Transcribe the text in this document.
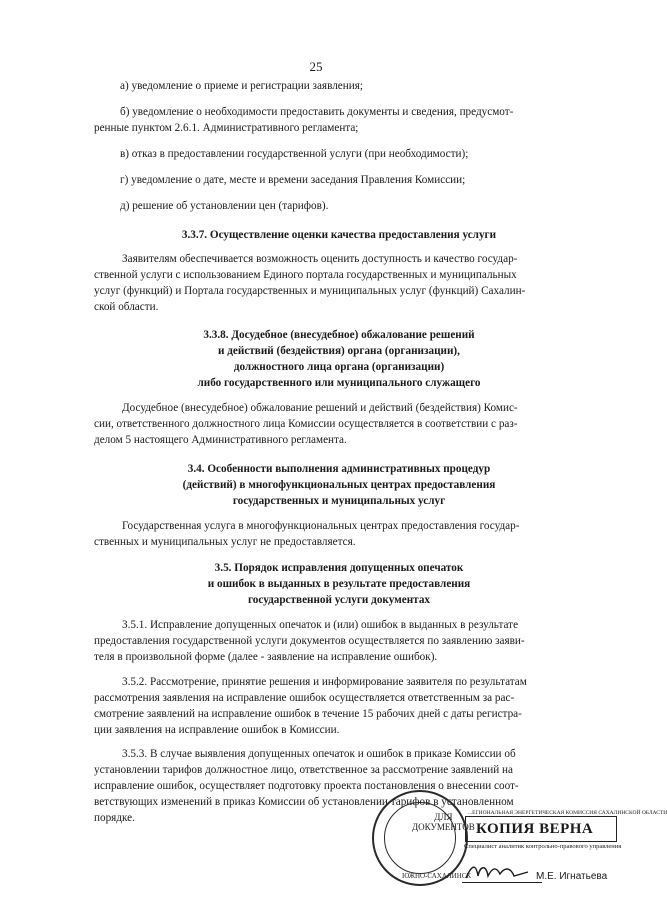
25
а) уведомление о приеме и регистрации заявления;
б) уведомление о необходимости предоставить документы и сведения, предусмот-
ренные пунктом 2.6.1. Административного регламента;
в) отказ в предоставлении государственной услуги (при необходимости);
г) уведомление о дате, месте и времени заседания Правления Комиссии;
д) решение об установлении цен (тарифов).
3.3.7. Осуществление оценки качества предоставления услуги
Заявителям обеспечивается возможность оценить доступность и качество государ-
ственной услуги с использованием Единого портала государственных и муниципальных
услуг (функций) и Портала государственных и муниципальных услуг (функций) Сахалин-
ской области.
3.3.8. Досудебное (внесудебное) обжалование решений
и действий (бездействия) органа (организации),
должностного лица органа (организации)
либо государственного или муниципального служащего
Досудебное (внесудебное) обжалование решений и действий (бездействия) Комис-
сии, ответственного должностного лица Комиссии осуществляется в соответствии с раз-
делом 5 настоящего Административного регламента.
3.4. Особенности выполнения административных процедур
(действий) в многофункциональных центрах предоставления
государственных и муниципальных услуг
Государственная услуга в многофункциональных центрах предоставления государ-
ственных и муниципальных услуг не предоставляется.
3.5. Порядок исправления допущенных опечаток
и ошибок в выданных в результате предоставления
государственной услуги документах
3.5.1. Исправление допущенных опечаток и (или) ошибок в выданных в результате
предоставления государственной услуги документов осуществляется по заявлению заяви-
теля в произвольной форме (далее - заявление на исправление ошибок).
3.5.2. Рассмотрение, принятие решения и информирование заявителя по результатам
рассмотрения заявления на исправление ошибок осуществляется ответственным за рас-
смотрение заявлений на исправление ошибок в течение 15 рабочих дней с даты регистра-
ции заявления на исправление ошибок в Комиссии.
3.5.3. В случае выявления допущенных опечаток и ошибок в приказе Комиссии об
установлении тарифов должностное лицо, ответственное за рассмотрение заявлений на
исправление ошибок, осуществляет подготовку проекта постановления о внесении соот-
ветствующих изменений в приказ Комиссии об установлении тарифов в установленном
порядке.
ЮЖНО-САХАЛИНСК
ДЛЯ
ДОКУМЕНТОВ
...ЕГИОНАЛЬНАЯ ЭНЕРГЕТИЧЕСКАЯ КОМИССИЯ САХАЛИНСКОЙ ОБЛАСТИ
КОПИЯ ВЕРНА
Специалист аналитик контрольно-правового управления
М.Е. Игнатьева
